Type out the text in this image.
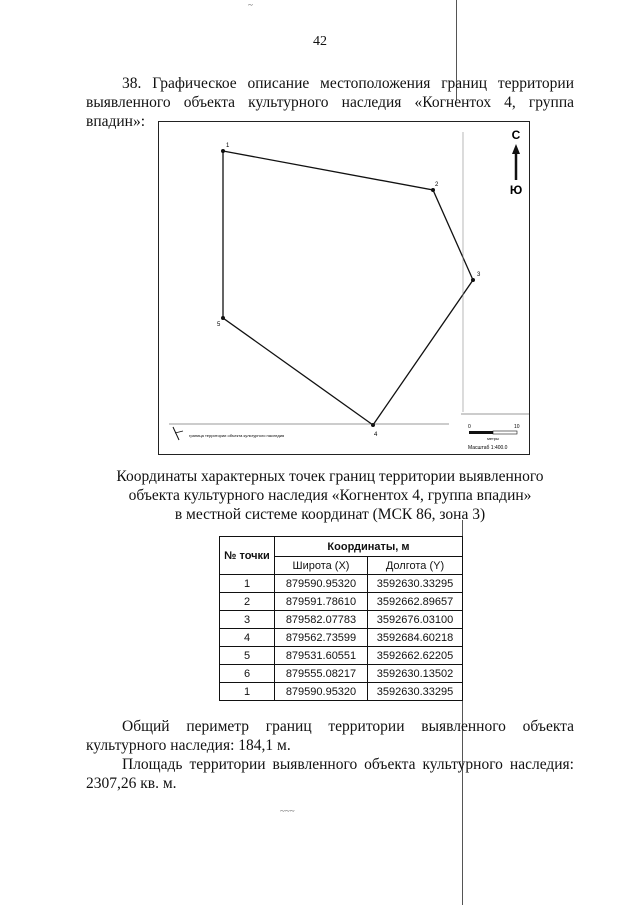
~
~~~
42
38. Графическое описание местоположения границ территории выявленного объекта культурного наследия «Когнентох 4, группа впадин»:
1
2
3
4
5
С
Ю
граница территории объекта культурного наследия
0	10
метры
Масштаб 1:400.0
Координаты характерных точек границ территории выявленного
объекта культурного наследия «Когнентох 4, группа впадин»
в местной системе координат (МСК 86, зона 3)
№ точки	Координаты, м	
	Широта (X)	Долгота (Y)
1	879590.95320	3592630.33295
2	879591.78610	3592662.89657
3	879582.07783	3592676.03100
4	879562.73599	3592684.60218
5	879531.60551	3592662.62205
6	879555.08217	3592630.13502
1	879590.95320	3592630.33295
Общий периметр границ территории выявленного объекта
культурного наследия: 184,1 м.
Площадь территории выявленного объекта культурного наследия:
2307,26 кв. м.
